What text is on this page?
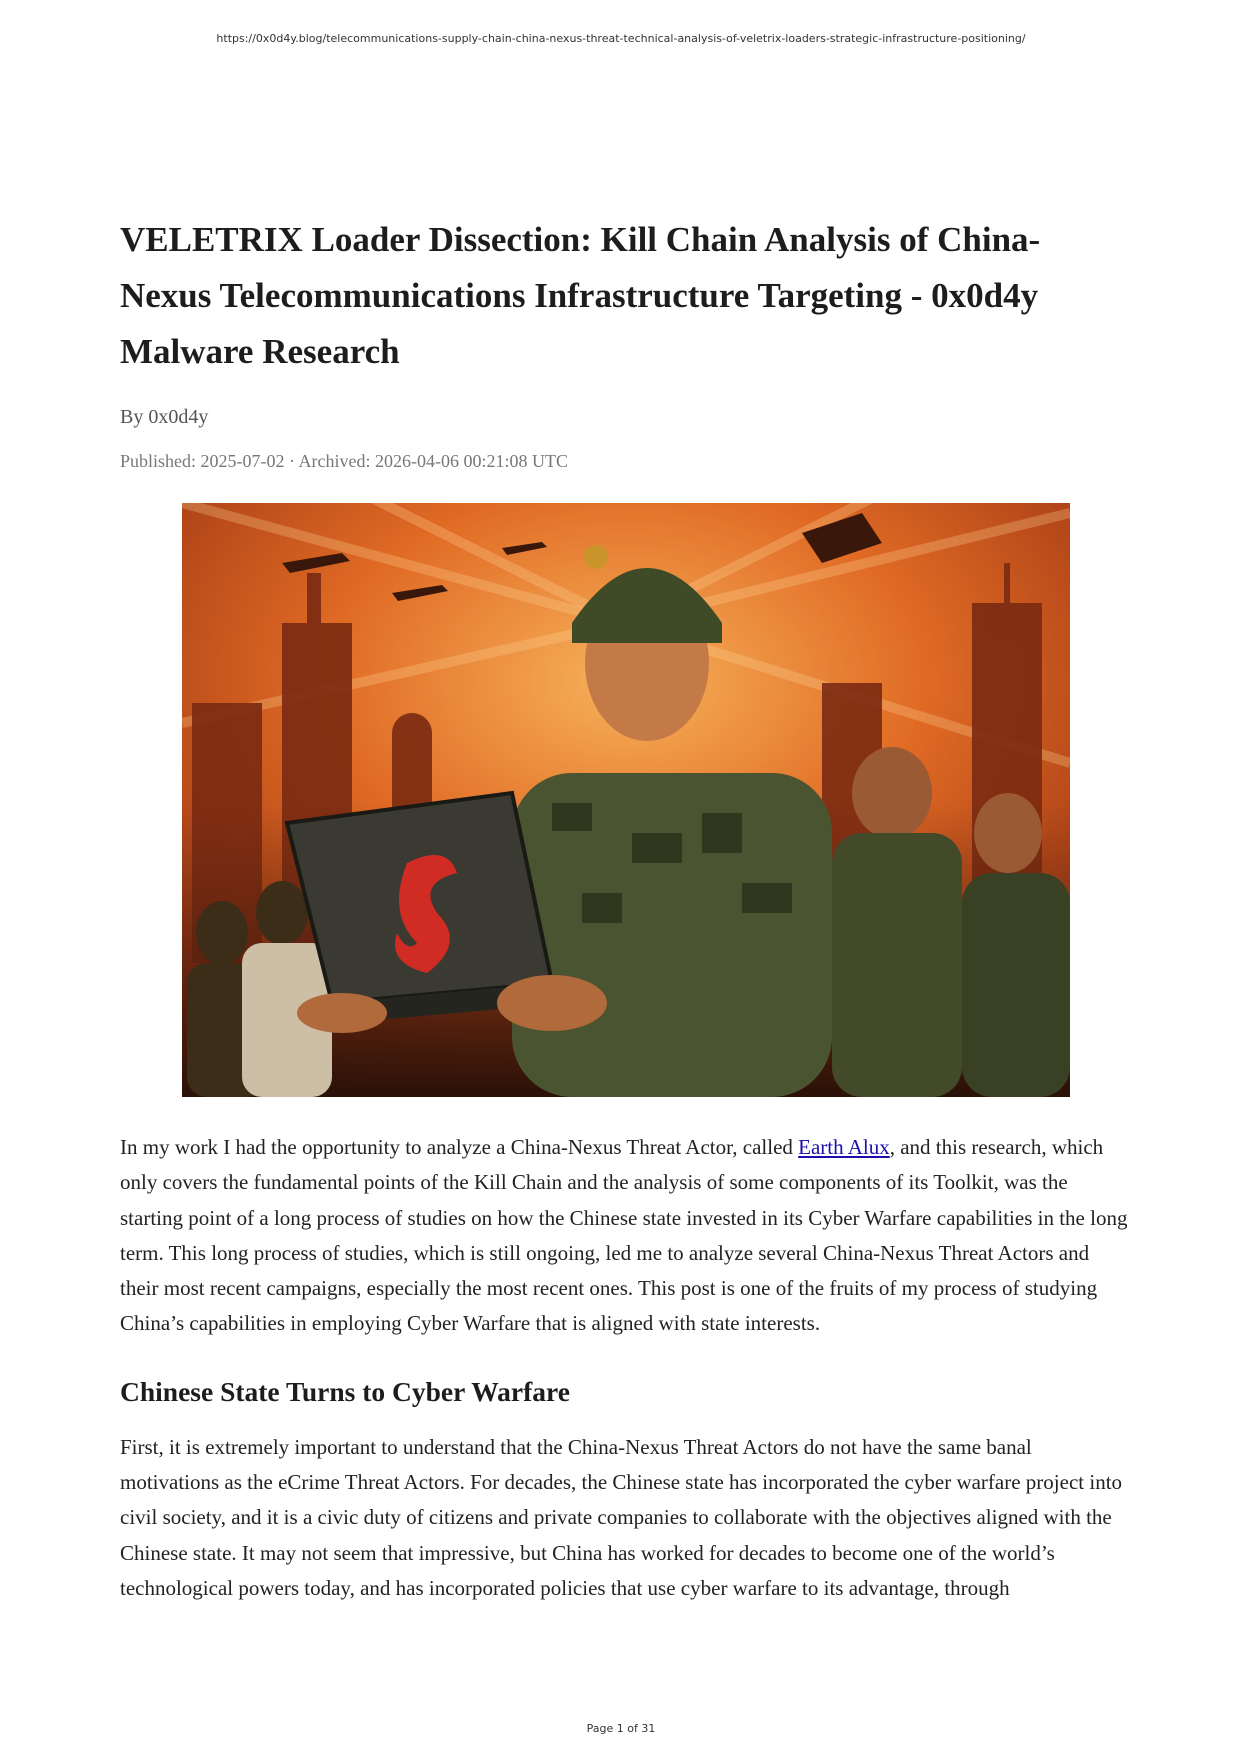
https://0x0d4y.blog/telecommunications-supply-chain-china-nexus-threat-technical-analysis-of-veletrix-loaders-strategic-infrastructure-positioning/
VELETRIX Loader Dissection: Kill Chain Analysis of China-Nexus Telecommunications Infrastructure Targeting - 0x0d4y Malware Research
By 0x0d4y
Published: 2025-07-02 · Archived: 2026-04-06 00:21:08 UTC

In my work I had the opportunity to analyze a China-Nexus Threat Actor, called Earth Alux, and this research, which only covers the fundamental points of the Kill Chain and the analysis of some components of its Toolkit, was the starting point of a long process of studies on how the Chinese state invested in its Cyber Warfare capabilities in the long term. This long process of studies, which is still ongoing, led me to analyze several China-Nexus Threat Actors and their most recent campaigns, especially the most recent ones. This post is one of the fruits of my process of studying China’s capabilities in employing Cyber Warfare that is aligned with state interests.

Chinese State Turns to Cyber Warfare

First, it is extremely important to understand that the China-Nexus Threat Actors do not have the same banal motivations as the eCrime Threat Actors. For decades, the Chinese state has incorporated the cyber warfare project into civil society, and it is a civic duty of citizens and private companies to collaborate with the objectives aligned with the Chinese state. It may not seem that impressive, but China has worked for decades to become one of the world’s technological powers today, and has incorporated policies that use cyber warfare to its advantage, through

Page 1 of 31
